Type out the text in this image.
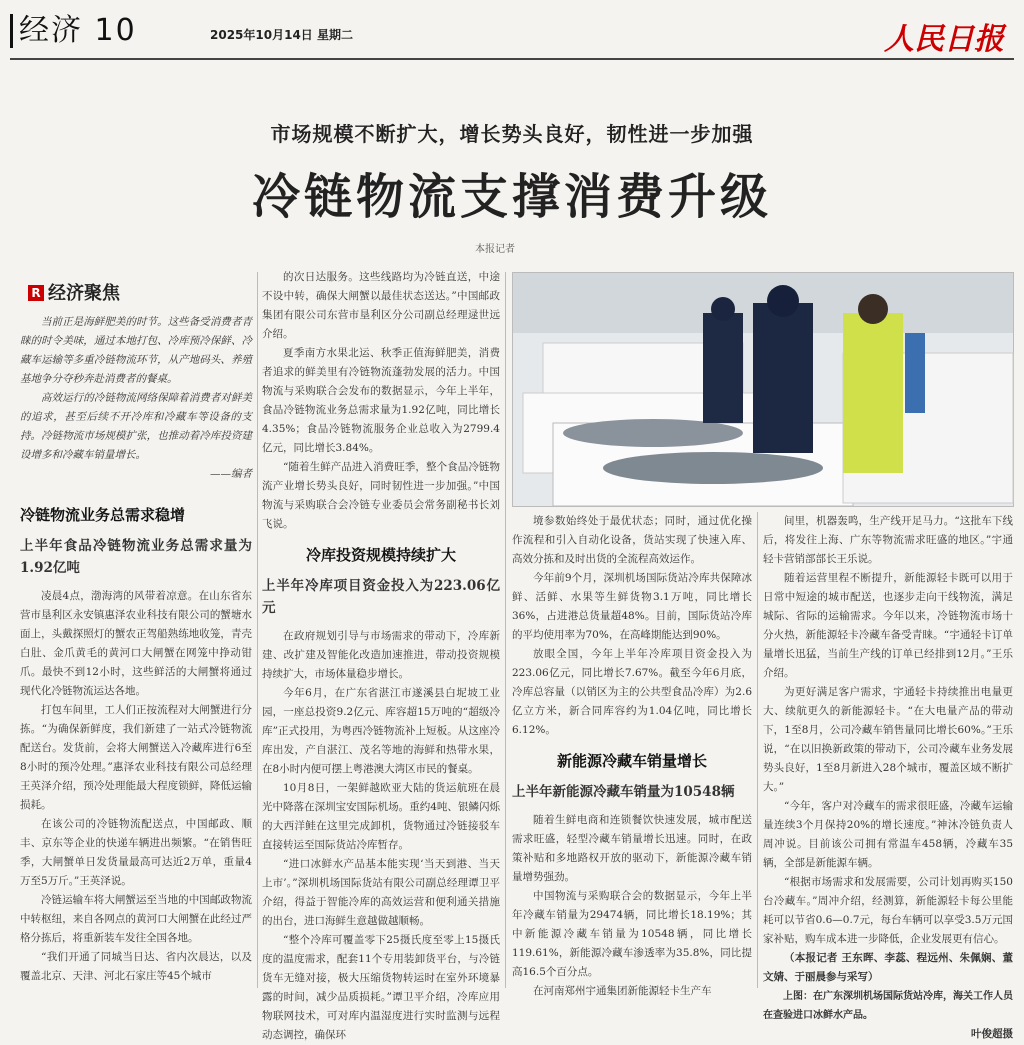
经济 10	2025年10月14日 星期二	人民日报
市场规模不断扩大，增长势头良好，韧性进一步加强
冷链物流支撑消费升级
本报记者
R 经济聚焦

当前正是海鲜肥美的时节。这些备受消费者青睐的时令美味，通过本地打包、冷库预冷保鲜、冷藏车运输等多重冷链物流环节，从产地码头、养殖基地争分夺秒奔赴消费者的餐桌。

高效运行的冷链物流网络保障着消费者对鲜美的追求，甚至后续不开冷库和冷藏车等设备的支持。冷链物流市场规模扩张，也推动着冷库投资建设增多和冷藏车销量增长。

——编者
冷链物流业务总需求稳增
上半年食品冷链物流业务总需求量为1.92亿吨

凌晨4点，渤海湾的风带着凉意。在山东省东营市垦利区永安镇惠泽农业科技有限公司的蟹塘水面上，头戴探照灯的蟹农正驾船熟练地收笼，青壳白肚、金爪黄毛的黄河口大闸蟹在网笼中挣动钳爪。最快不到12小时，这些鲜活的大闸蟹将通过现代化冷链物流运达各地。

打包车间里，工人们正按流程对大闸蟹进行分拣。“为确保新鲜度，我们新建了一站式冷链物流配送台。发货前，会将大闸蟹送入冷藏库进行6至8小时的预冷处理。”惠泽农业科技有限公司总经理王英泽介绍，预冷处理能最大程度锁鲜，降低运输损耗。

在该公司的冷链物流配送点，中国邮政、顺丰、京东等企业的快递车辆进出频繁。“在销售旺季，大闸蟹单日发货量最高可达近2万单，重量4万至5万斤。”王英泽说。

冷链运输车将大闸蟹运至当地的中国邮政物流中转枢纽，来自各网点的黄河口大闸蟹在此经过严格分拣后，将重新装车发往全国各地。

“我们开通了同城当日达、省内次晨达，以及覆盖北京、天津、河北石家庄等45个城市

的次日达服务。这些线路均为冷链直送，中途不设中转，确保大闸蟹以最佳状态送达。”中国邮政集团有限公司东营市垦利区分公司副总经理逯世远介绍。

夏季南方水果北运、秋季正值海鲜肥美，消费者追求的鲜美里有冷链物流蓬勃发展的活力。中国物流与采购联合会发布的数据显示，今年上半年，食品冷链物流业务总需求量为1.92亿吨，同比增长4.35%；食品冷链物流服务企业总收入为2799.4亿元，同比增长3.84%。

“随着生鲜产品进入消费旺季，整个食品冷链物流产业增长势头良好，同时韧性进一步加强。”中国物流与采购联合会冷链专业委员会常务副秘书长刘飞说。

冷库投资规模持续扩大
上半年冷库项目资金投入为223.06亿元

在政府规划引导与市场需求的带动下，冷库新建、改扩建及智能化改造加速推进，带动投资规模持续扩大，市场体量稳步增长。

今年6月，在广东省湛江市遂溪县白坭坡工业园，一座总投资9.2亿元、库容超15万吨的“超级冷库”正式投用，为粤西冷链物流补上短板。从这座冷库出发，产自湛江、茂名等地的海鲜和热带水果，在8小时内便可摆上粤港澳大湾区市民的餐桌。

10月8日，一架鲜越欧亚大陆的货运航班在晨光中降落在深圳宝安国际机场。重约4吨、银鳞闪烁的大西洋鲑在这里完成卸机，货物通过冷链接驳车直接转运至国际货站冷库暂存。

“进口冰鲜水产品基本能实现‘当天到港、当天上市’。”深圳机场国际货站有限公司副总经理谭卫平介绍，得益于智能冷库的高效运营和便利通关措施的出台，进口海鲜生意越做越顺畅。

“整个冷库可覆盖零下25摄氏度至零上15摄氏度的温度需求，配套11个专用装卸货平台，与冷链货车无缝对接，极大压缩货物转运时在室外环境暴露的时间，减少品质损耗。”谭卫平介绍，冷库应用物联网技术，可对库内温湿度进行实时监测与远程动态调控，确保环

境参数始终处于最优状态；同时，通过优化操作流程和引入自动化设备，货站实现了快速入库、高效分拣和及时出货的全流程高效运作。

今年前9个月，深圳机场国际货站冷库共保障冰鲜、活鲜、水果等生鲜货物3.1万吨，同比增长36%，占进港总货量超48%。目前，国际货站冷库的平均使用率为70%，在高峰期能达到90%。

放眼全国，今年上半年冷库项目资金投入为223.06亿元，同比增长7.67%。截至今年6月底，冷库总容量（以销区为主的公共型食品冷库）为2.6亿立方米，新合同库容约为1.04亿吨，同比增长6.12%。

新能源冷藏车销量增长
上半年新能源冷藏车销量为10548辆

随着生鲜电商和连锁餐饮快速发展，城市配送需求旺盛，轻型冷藏车销量增长迅速。同时，在政策补贴和多地路权开放的驱动下，新能源冷藏车销量增势强劲。

中国物流与采购联合会的数据显示，今年上半年冷藏车销量为29474辆，同比增长18.19%；其中新能源冷藏车销量为10548辆，同比增长119.61%，新能源冷藏车渗透率为35.8%，同比提高16.5个百分点。

在河南郑州宇通集团新能源轻卡生产车

间里，机器轰鸣，生产线开足马力。“这批车下线后，将发往上海、广东等物流需求旺盛的地区。”宇通轻卡营销部部长王乐说。

随着运营里程不断提升，新能源轻卡既可以用于日常中短途的城市配送，也逐步走向干线物流，满足城际、省际的运输需求。今年以来，冷链物流市场十分火热，新能源轻卡冷藏车备受青睐。“宇通轻卡订单量增长迅猛，当前生产线的订单已经排到12月。”王乐介绍。

为更好满足客户需求，宇通轻卡持续推出电量更大、续航更久的新能源轻卡。“在大电量产品的带动下，1至8月，公司冷藏车销售量同比增长60%。”王乐说，“在以旧换新政策的带动下，公司冷藏车业务发展势头良好，1至8月新进入28个城市，覆盖区域不断扩大。”

“今年，客户对冷藏车的需求很旺盛，冷藏车运输量连续3个月保持20%的增长速度。”神沐冷链负责人周冲说。目前该公司拥有常温车458辆，冷藏车35辆，全部是新能源车辆。

“根据市场需求和发展需要，公司计划再购买150台冷藏车。”周冲介绍，经测算，新能源轻卡每公里能耗可以节省0.6—0.7元，每台车辆可以享受3.5万元国家补贴，购车成本进一步降低，企业发展更有信心。

（本报记者 王东晖、李蕊、程远州、朱佩娴、董文婧、于丽晨参与采写）

上图：在广东深圳机场国际货站冷库，海关工作人员在查验进口冰鲜水产品。

叶俊超摄
